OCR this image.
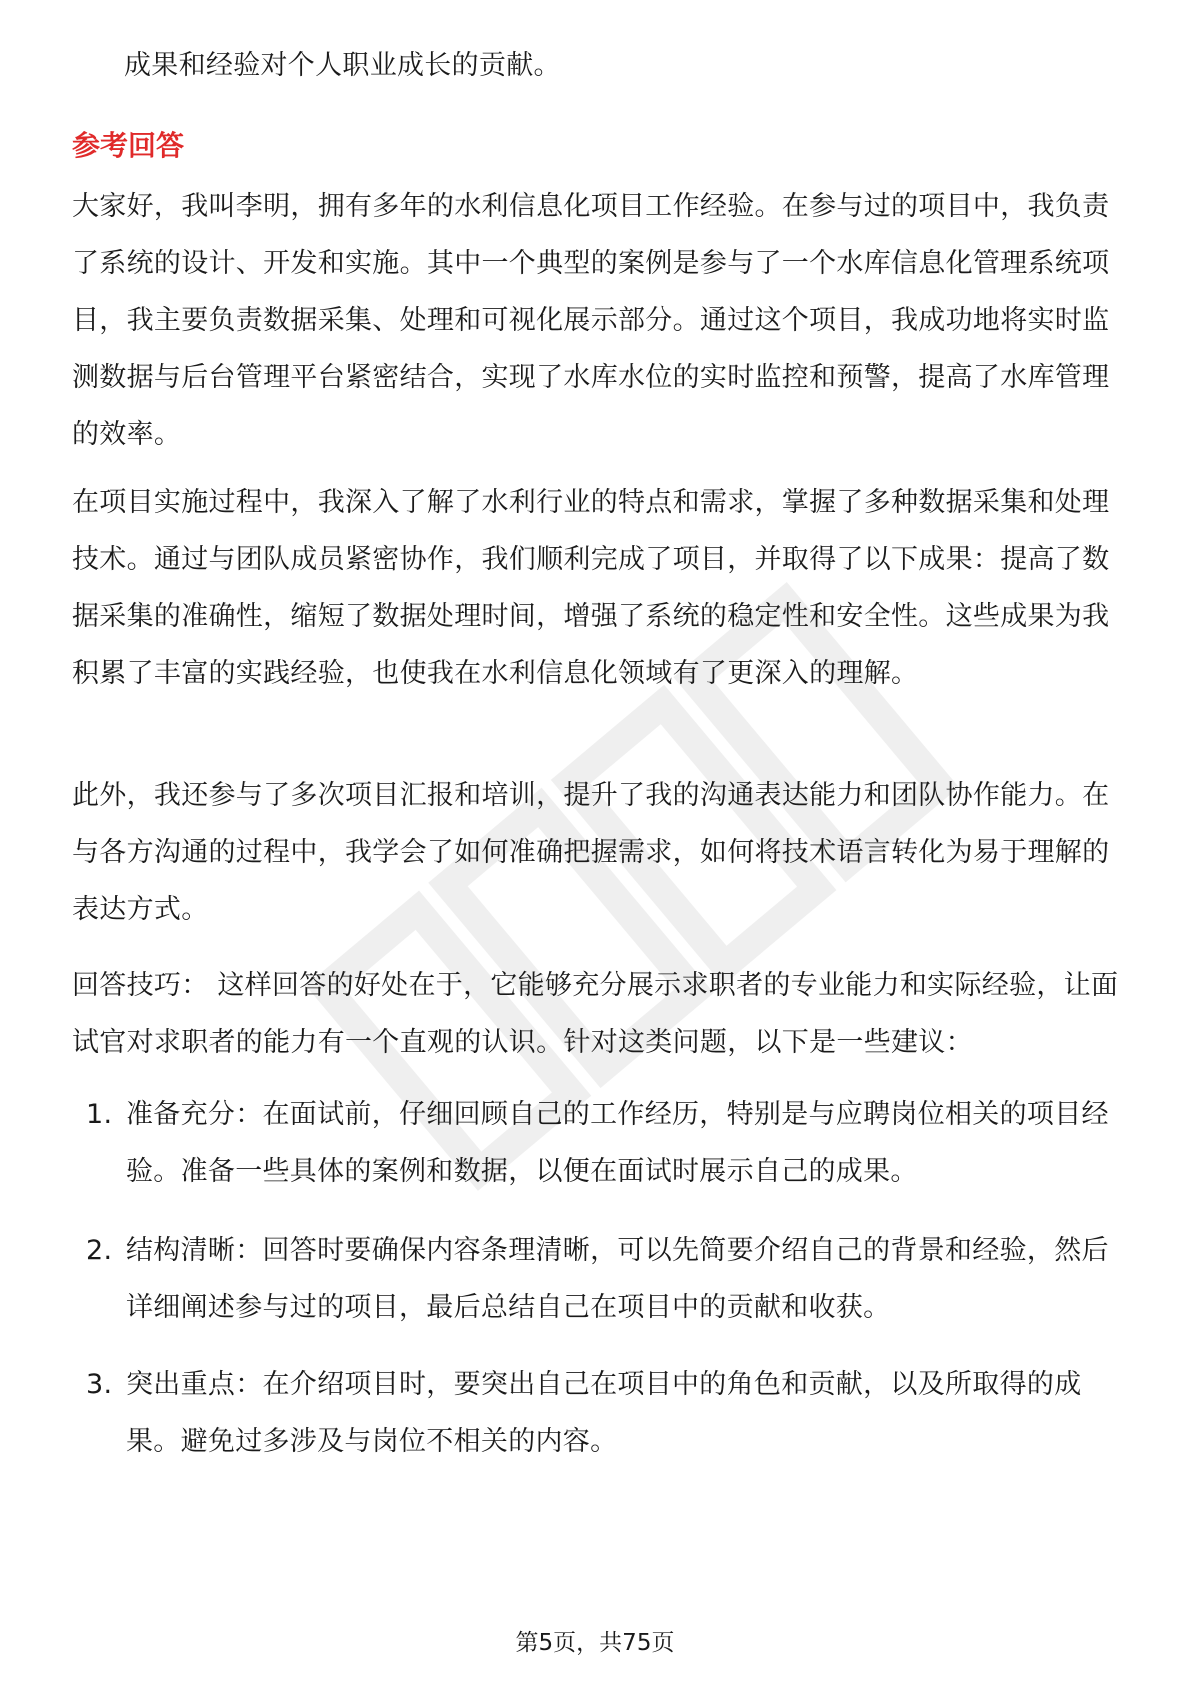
成果和经验对个人职业成长的贡献。

参考回答

大家好，我叫李明，拥有多年的水利信息化项目工作经验。在参与过的项目中，我负责了系统的设计、开发和实施。其中一个典型的案例是参与了一个水库信息化管理系统项目，我主要负责数据采集、处理和可视化展示部分。通过这个项目，我成功地将实时监测数据与后台管理平台紧密结合，实现了水库水位的实时监控和预警，提高了水库管理的效率。

在项目实施过程中，我深入了解了水利行业的特点和需求，掌握了多种数据采集和处理技术。通过与团队成员紧密协作，我们顺利完成了项目，并取得了以下成果：提高了数据采集的准确性，缩短了数据处理时间，增强了系统的稳定性和安全性。这些成果为我积累了丰富的实践经验，也使我在水利信息化领域有了更深入的理解。

此外，我还参与了多次项目汇报和培训，提升了我的沟通表达能力和团队协作能力。在与各方沟通的过程中，我学会了如何准确把握需求，如何将技术语言转化为易于理解的表达方式。

回答技巧： 这样回答的好处在于，它能够充分展示求职者的专业能力和实际经验，让面试官对求职者的能力有一个直观的认识。针对这类问题，以下是一些建议：

1. 准备充分：在面试前，仔细回顾自己的工作经历，特别是与应聘岗位相关的项目经验。准备一些具体的案例和数据，以便在面试时展示自己的成果。
2. 结构清晰：回答时要确保内容条理清晰，可以先简要介绍自己的背景和经验，然后详细阐述参与过的项目，最后总结自己在项目中的贡献和收获。
3. 突出重点：在介绍项目时，要突出自己在项目中的角色和贡献，以及所取得的成果。避免过多涉及与岗位不相关的内容。
第5页，共75页
